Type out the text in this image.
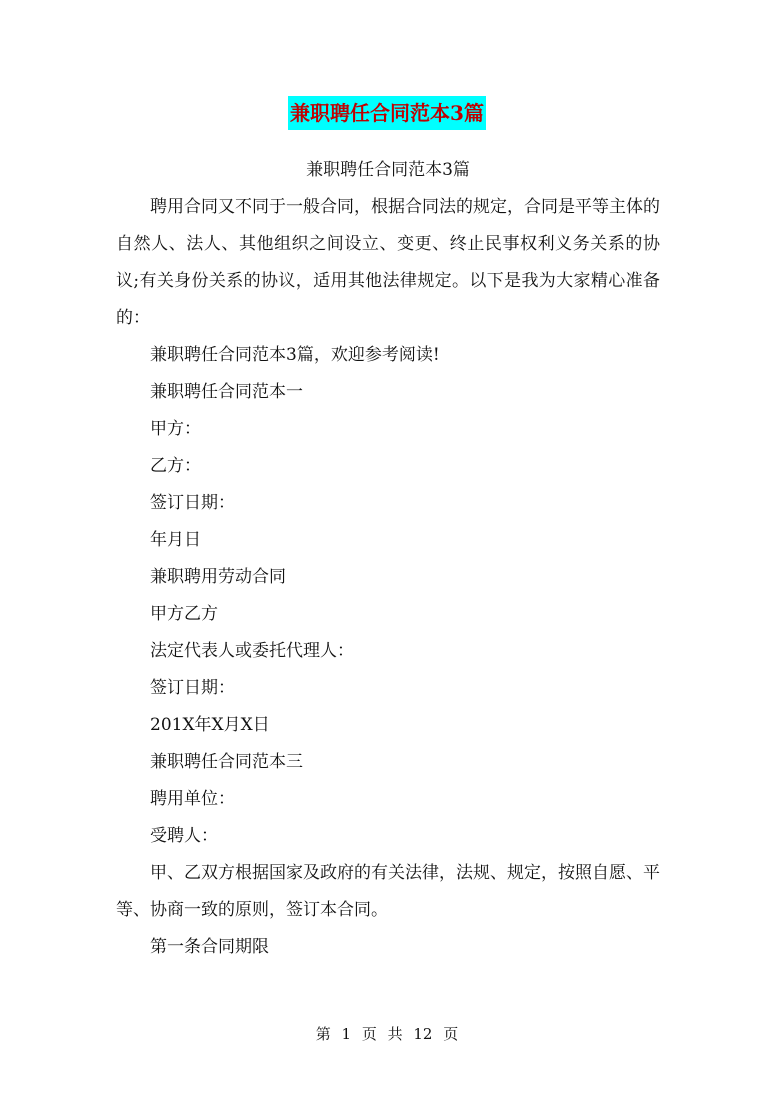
兼职聘任合同范本3篇

兼职聘任合同范本3篇

聘用合同又不同于一般合同，根据合同法的规定，合同是平等主体的自然人、法人、其他组织之间设立、变更、终止民事权利义务关系的协议;有关身份关系的协议，适用其他法律规定。以下是我为大家精心准备的：

兼职聘任合同范本3篇，欢迎参考阅读!

兼职聘任合同范本一

甲方：

乙方：

签订日期：

年月日

兼职聘用劳动合同

甲方乙方

法定代表人或委托代理人：

签订日期：

201X年X月X日

兼职聘任合同范本三

聘用单位：

受聘人：

甲、乙双方根据国家及政府的有关法律，法规、规定，按照自愿、平等、协商一致的原则，签订本合同。

第一条合同期限

第 1 页 共 12 页
